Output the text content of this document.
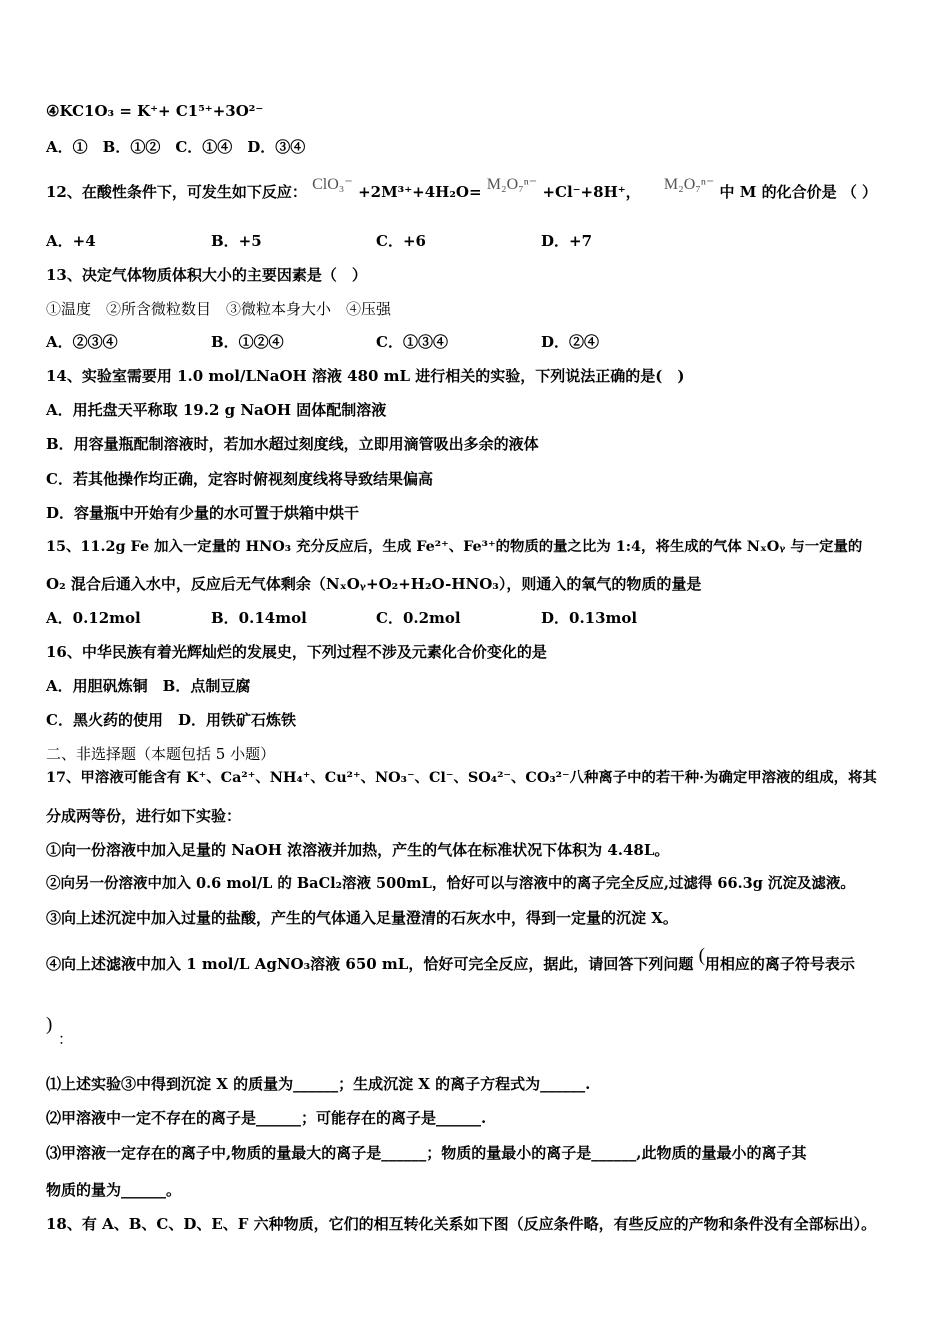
④KC1O₃ = K⁺+ C1⁵⁺+3O²⁻
A．①　B．①②　C．①④　D．③④
12、在酸性条件下，可发生如下反应： ClO₃⁻ +2M³⁺+4H₂O= M₂O₇ⁿ⁻ +Cl⁻+8H⁺， M₂O₇ⁿ⁻ 中 M 的化合价是 （ ）
A．+4	B．+5	C．+6	D．+7
13、决定气体物质体积大小的主要因素是（　）
①温度　②所含微粒数目　③微粒本身大小　④压强
A．②③④	B．①②④	C．①③④	D．②④
14、实验室需要用 1.0 mol/LNaOH 溶液 480 mL 进行相关的实验，下列说法正确的是(　)
A．用托盘天平称取 19.2 g NaOH 固体配制溶液
B．用容量瓶配制溶液时，若加水超过刻度线，立即用滴管吸出多余的液体
C．若其他操作均正确，定容时俯视刻度线将导致结果偏高
D．容量瓶中开始有少量的水可置于烘箱中烘干
15、11.2g Fe 加入一定量的 HNO₃ 充分反应后，生成 Fe²⁺、Fe³⁺的物质的量之比为 1:4，将生成的气体 NₓOᵧ 与一定量的
O₂ 混合后通入水中，反应后无气体剩余（NₓOᵧ+O₂+H₂O-HNO₃），则通入的氧气的物质的量是
A．0.12mol	B．0.14mol	C．0.2mol	D．0.13mol
16、中华民族有着光辉灿烂的发展史，下列过程不涉及元素化合价变化的是
A．用胆矾炼铜　B．点制豆腐
C．黑火药的使用　D．用铁矿石炼铁
二、非选择题（本题包括 5 小题）
17、甲溶液可能含有 K⁺、Ca²⁺、NH₄⁺、Cu²⁺、NO₃⁻、Cl⁻、SO₄²⁻、CO₃²⁻八种离子中的若干种·为确定甲溶液的组成，将其
分成两等份，进行如下实验：
①向一份溶液中加入足量的 NaOH 浓溶液并加热，产生的气体在标准状况下体积为 4.48L。
②向另一份溶液中加入 0.6 mol/L 的 BaCl₂溶液 500mL，恰好可以与溶液中的离子完全反应,过滤得 66.3g 沉淀及滤液。
③向上述沉淀中加入过量的盐酸，产生的气体通入足量澄清的石灰水中，得到一定量的沉淀 X。
④向上述滤液中加入 1 mol/L AgNO₃溶液 650 mL，恰好可完全反应，据此，请回答下列问题 (用相应的离子符号表示
)
：
⑴上述实验③中得到沉淀 X 的质量为______；生成沉淀 X 的离子方程式为______.
⑵甲溶液中一定不存在的离子是______；可能存在的离子是______.
⑶甲溶液一定存在的离子中,物质的量最大的离子是______；物质的量最小的离子是______,此物质的量最小的离子其
物质的量为______。
18、有 A、B、C、D、E、F 六种物质，它们的相互转化关系如下图（反应条件略，有些反应的产物和条件没有全部标出）。
